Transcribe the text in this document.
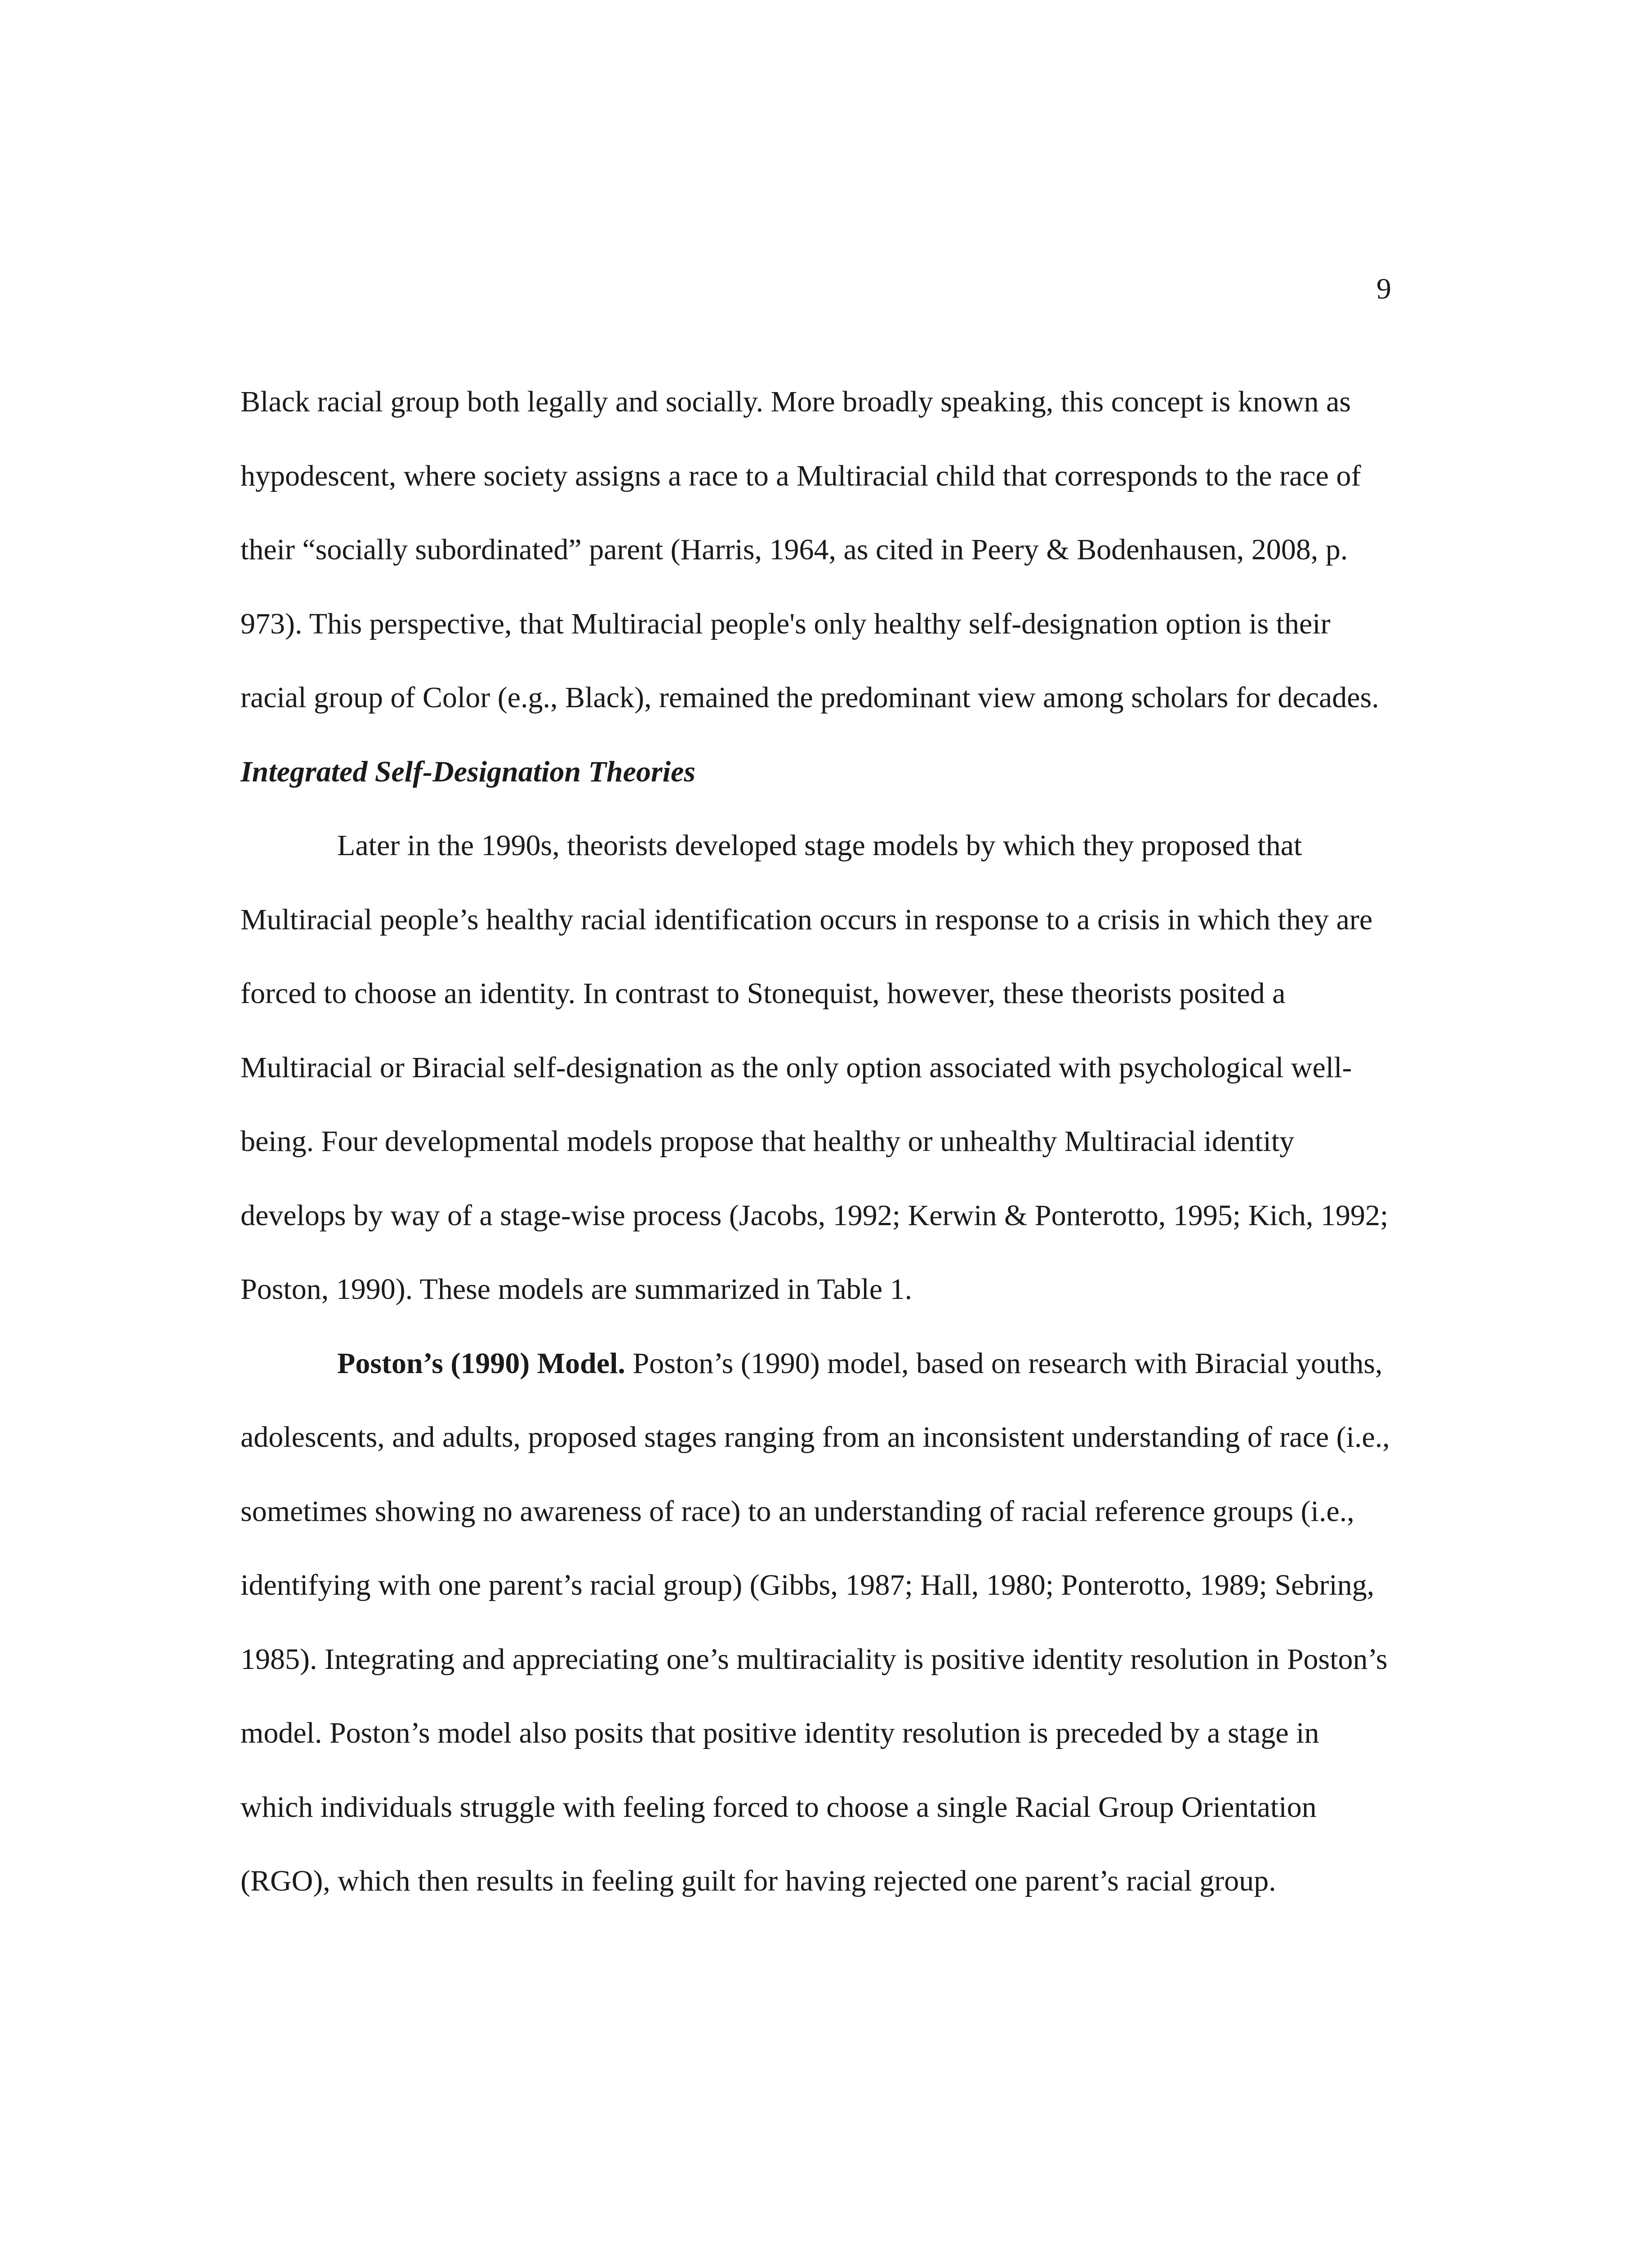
9

Black racial group both legally and socially. More broadly speaking, this concept is known as hypodescent, where society assigns a race to a Multiracial child that corresponds to the race of their “socially subordinated” parent (Harris, 1964, as cited in Peery & Bodenhausen, 2008, p. 973). This perspective, that Multiracial people's only healthy self-designation option is their racial group of Color (e.g., Black), remained the predominant view among scholars for decades.

Integrated Self-Designation Theories

Later in the 1990s, theorists developed stage models by which they proposed that Multiracial people’s healthy racial identification occurs in response to a crisis in which they are forced to choose an identity. In contrast to Stonequist, however, these theorists posited a Multiracial or Biracial self-designation as the only option associated with psychological well-being. Four developmental models propose that healthy or unhealthy Multiracial identity develops by way of a stage-wise process (Jacobs, 1992; Kerwin & Ponterotto, 1995; Kich, 1992; Poston, 1990). These models are summarized in Table 1.

Poston’s (1990) Model. Poston’s (1990) model, based on research with Biracial youths, adolescents, and adults, proposed stages ranging from an inconsistent understanding of race (i.e., sometimes showing no awareness of race) to an understanding of racial reference groups (i.e., identifying with one parent’s racial group) (Gibbs, 1987; Hall, 1980; Ponterotto, 1989; Sebring, 1985). Integrating and appreciating one’s multiraciality is positive identity resolution in Poston’s model. Poston’s model also posits that positive identity resolution is preceded by a stage in which individuals struggle with feeling forced to choose a single Racial Group Orientation (RGO), which then results in feeling guilt for having rejected one parent’s racial group.
